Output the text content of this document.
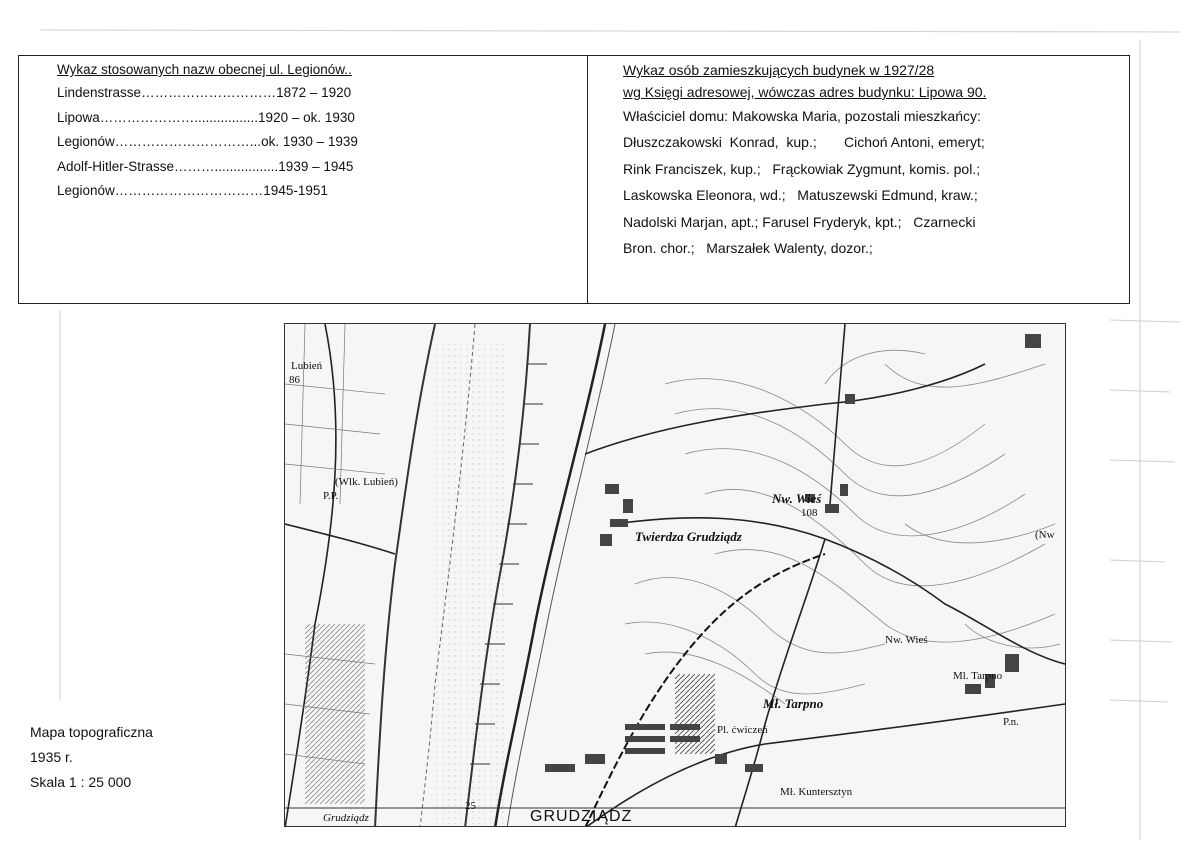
Wykaz stosowanych nazw obecnej ul. Legionów..
Lindenstrasse…………………………1872 – 1920
Lipowa………………….................1920 – ok. 1930
Legionów…………………………...ok. 1930 – 1939
Adolf-Hitler-Strasse……….................1939 – 1945
Legionów……………………………1945-1951
Wykaz osób zamieszkujących budynek w 1927/28
wg Księgi adresowej, wówczas adres budynku: Lipowa 90.
Właściciel domu: Makowska Maria, pozostali mieszkańcy:
Dłuszczakowski  Konrad,  kup.;       Cichoń Antoni, emeryt;
Rink Franciszek, kup.;   Frąckowiak Zygmunt, komis. pol.;
Laskowska Eleonora, wd.;   Matuszewski Edmund, kraw.;
Nadolski Marjan, apt.; Farusel Fryderyk, kpt.;   Czarnecki
Bron. chor.;   Marszałek Walenty, dozor.;
Lubień
86
(Wlk. Lubień)
P.P.
Twierdza Grudziądz
Nw. Wieś
108
(Nw
Nw. Wieś
Ml. Tarpno
Mł. Tarpno
P.n.
Pl. ćwiczeń
Mł. Kuntersztyn
GRUDZIĄDZ
Grudziądz
25
Mapa topograficzna
1935 r.
Skala 1 : 25 000
